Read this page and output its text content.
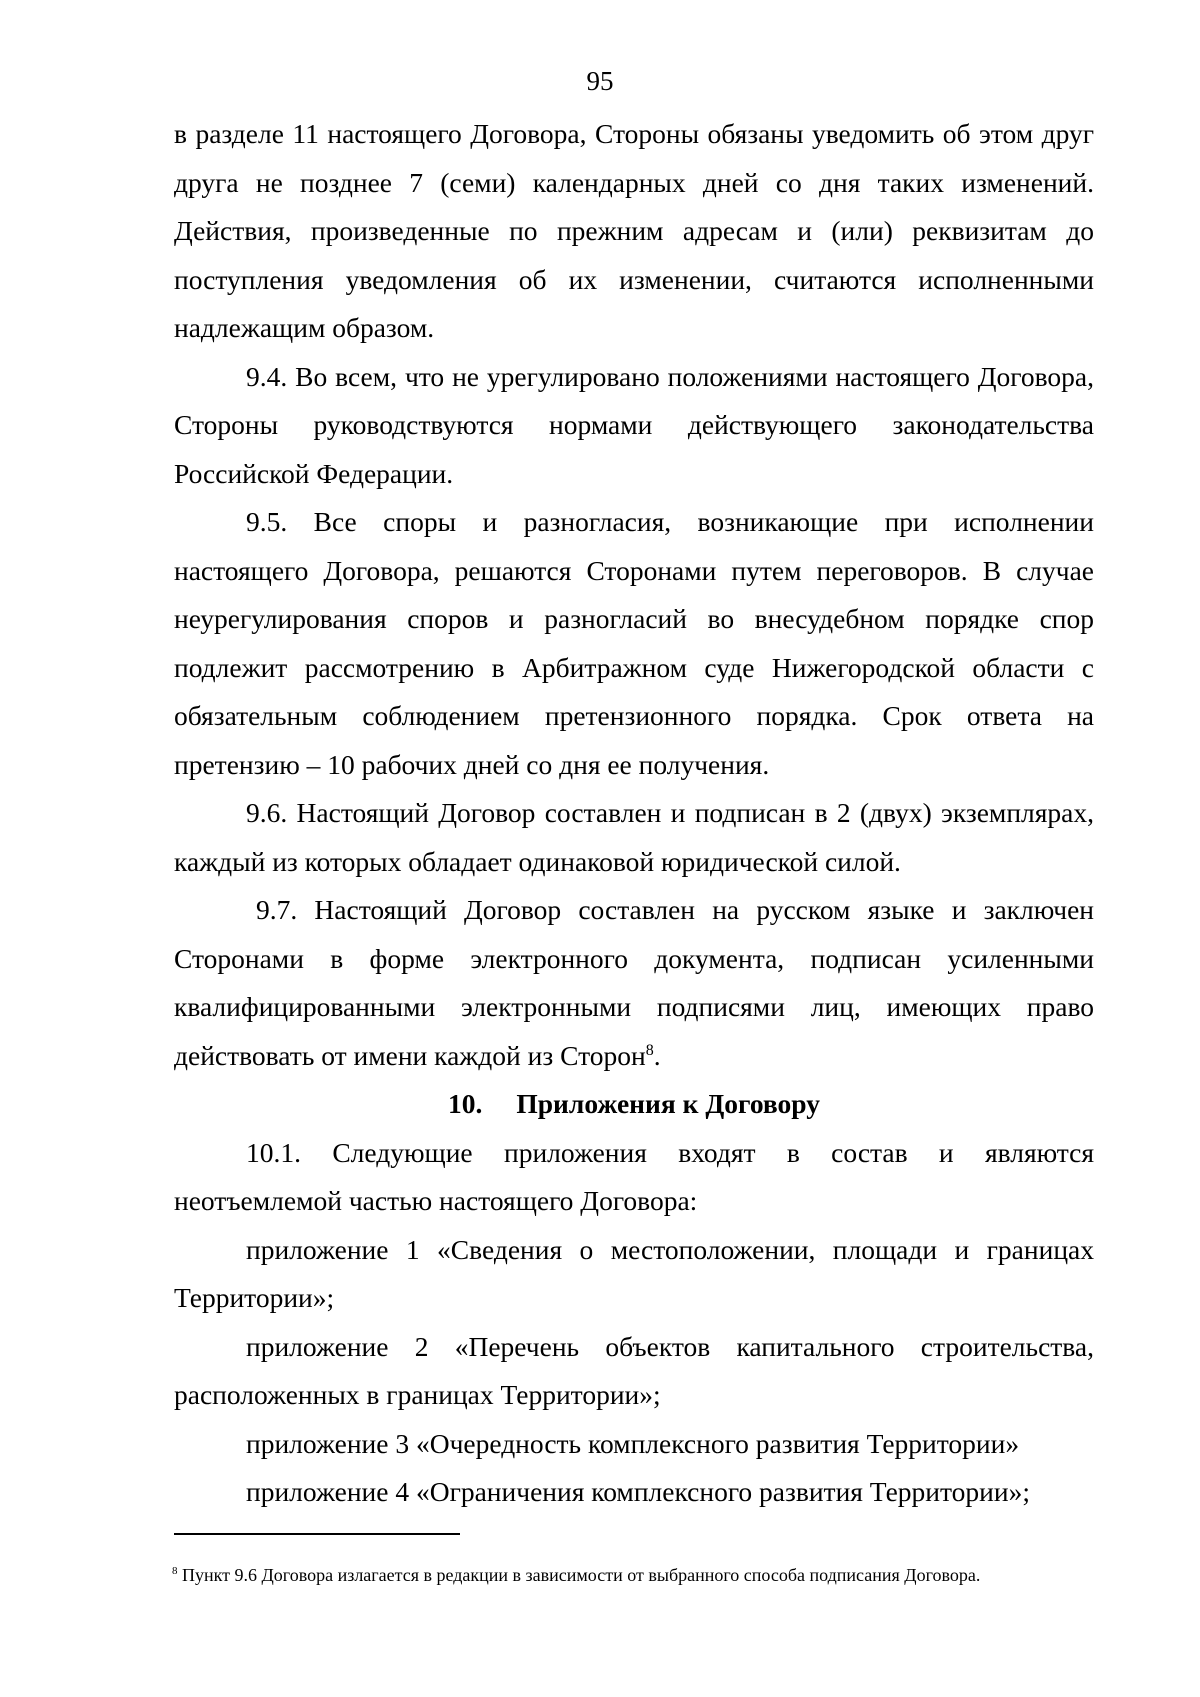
95

в разделе 11 настоящего Договора, Стороны обязаны уведомить об этом друг друга не позднее 7 (семи) календарных дней со дня таких изменений. Действия, произведенные по прежним адресам и (или) реквизитам до поступления уведомления об их изменении, считаются исполненными надлежащим образом.

9.4. Во всем, что не урегулировано положениями настоящего Договора, Стороны руководствуются нормами действующего законодательства Российской Федерации.

9.5. Все споры и разногласия, возникающие при исполнении настоящего Договора, решаются Сторонами путем переговоров. В случае неурегулирования споров и разногласий во внесудебном порядке спор подлежит рассмотрению в Арбитражном суде Нижегородской области с обязательным соблюдением претензионного порядка. Срок ответа на претензию – 10 рабочих дней со дня ее получения.

9.6. Настоящий Договор составлен и подписан в 2 (двух) экземплярах, каждый из которых обладает одинаковой юридической силой.

9.7. Настоящий Договор составлен на русском языке и заключен Сторонами в форме электронного документа, подписан усиленными квалифицированными электронными подписями лиц, имеющих право действовать от имени каждой из Сторон$^8$.

10. Приложения к Договору

10.1. Следующие приложения входят в состав и являются неотъемлемой частью настоящего Договора:

приложение 1 «Сведения о местоположении, площади и границах Территории»;

приложение 2 «Перечень объектов капитального строительства, расположенных в границах Территории»;

приложение 3 «Очередность комплексного развития Территории»

приложение 4 «Ограничения комплексного развития Территории»;

$^8$ Пункт 9.6 Договора излагается в редакции в зависимости от выбранного способа подписания Договора.
